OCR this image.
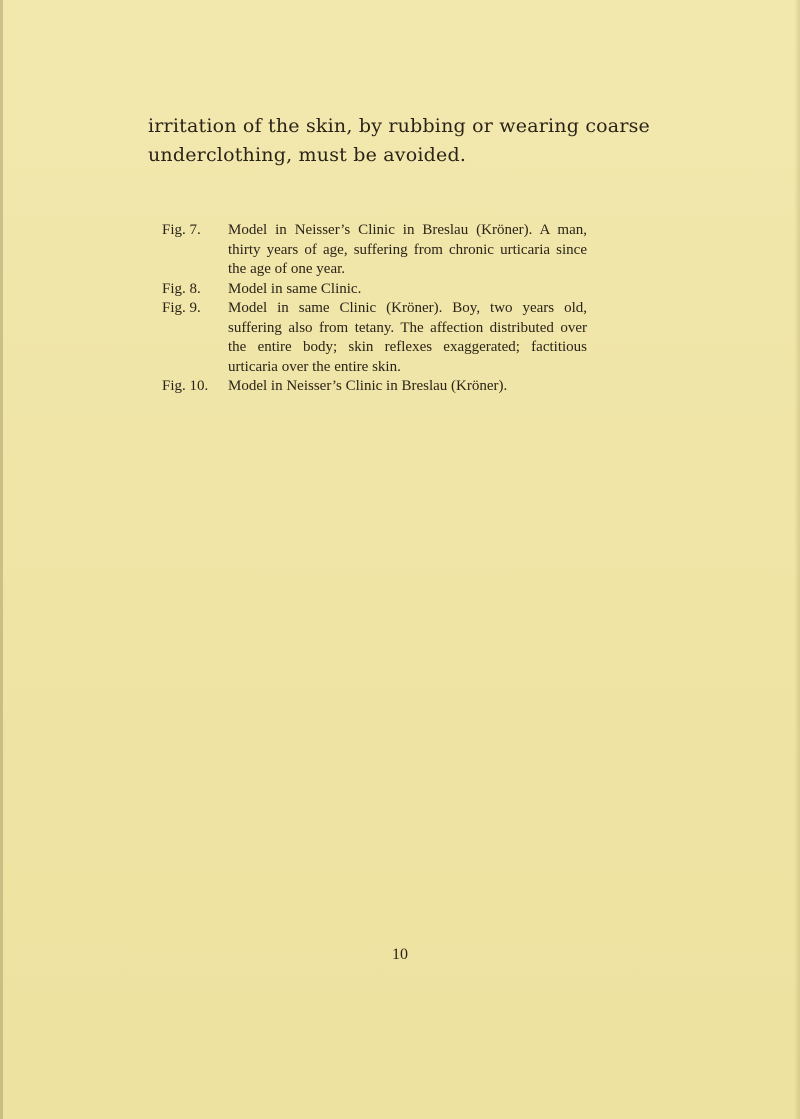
irritation of the skin, by rubbing or wearing coarse underclothing, must be avoided.

Fig. 7.	Model in Neisser’s Clinic in Breslau (Kröner). A man, thirty years of age, suffering from chronic urticaria since the age of one year.
Fig. 8.	Model in same Clinic.
Fig. 9.	Model in same Clinic (Kröner). Boy, two years old, suffering also from tetany. The affection distributed over the entire body; skin reflexes exaggerated; factitious urticaria over the entire skin.
Fig. 10.	Model in Neisser’s Clinic in Breslau (Kröner).
10
